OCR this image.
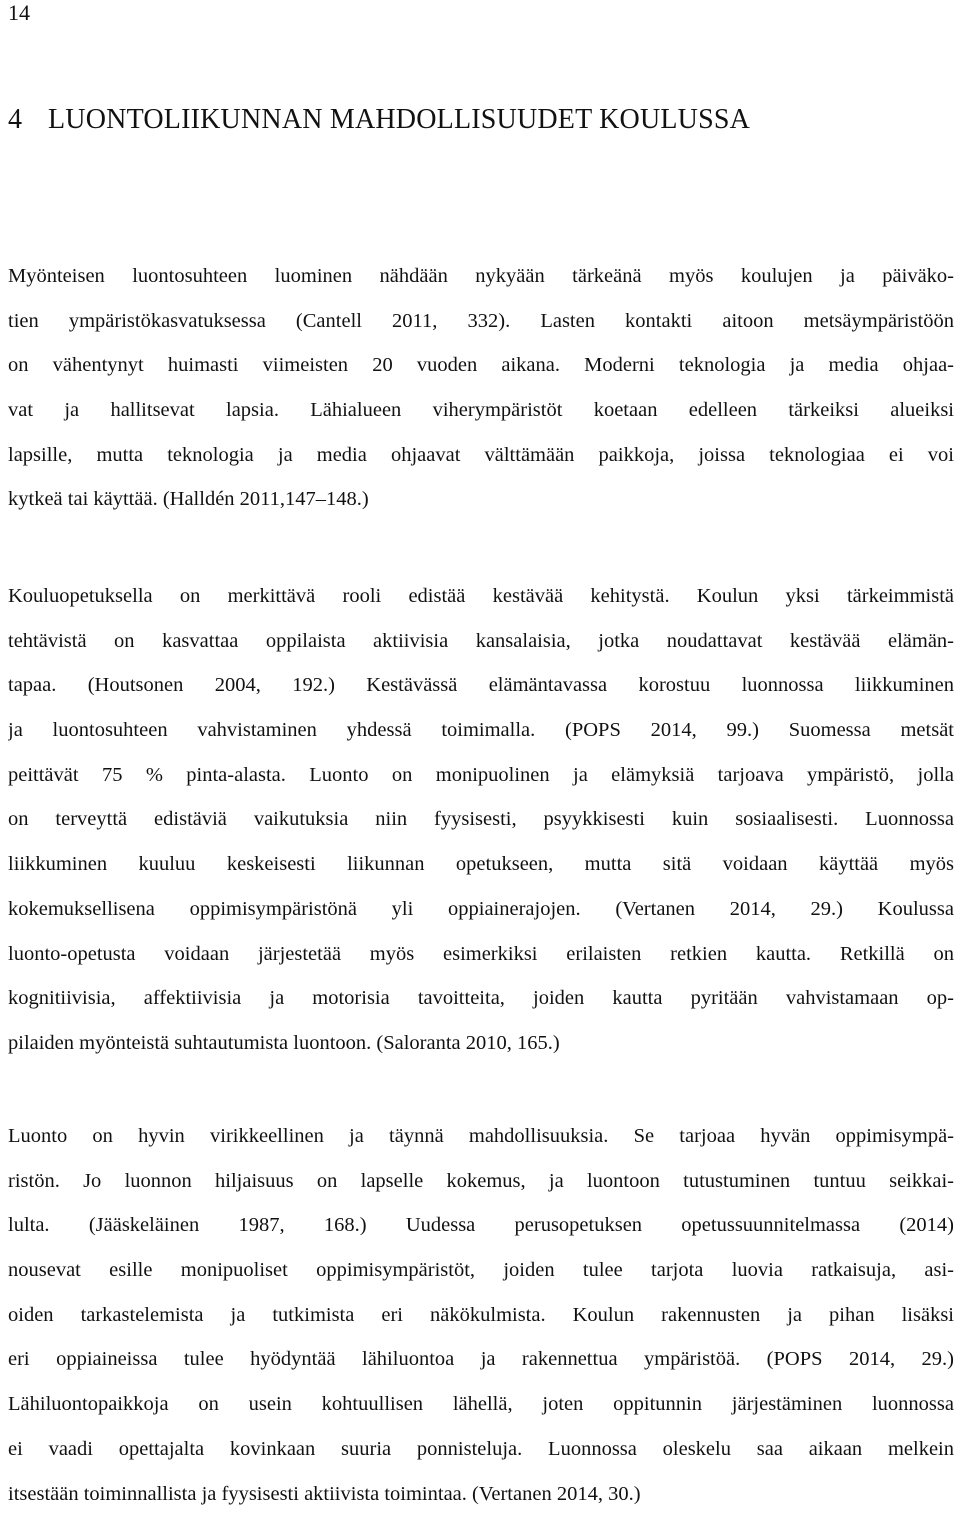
14
4 LUONTOLIIKUNNAN MAHDOLLISUUDET KOULUSSA
Myönteisen luontosuhteen luominen nähdään nykyään tärkeänä myös koulujen ja päiväko-
tien ympäristökasvatuksessa (Cantell 2011, 332). Lasten kontakti aitoon metsäympäristöön
on vähentynyt huimasti viimeisten 20 vuoden aikana. Moderni teknologia ja media ohjaa-
vat ja hallitsevat lapsia. Lähialueen viherympäristöt koetaan edelleen tärkeiksi alueiksi
lapsille, mutta teknologia ja media ohjaavat välttämään paikkoja, joissa teknologiaa ei voi
kytkeä tai käyttää. (Halldén 2011,147–148.)
Kouluopetuksella on merkittävä rooli edistää kestävää kehitystä. Koulun yksi tärkeimmistä
tehtävistä on kasvattaa oppilaista aktiivisia kansalaisia, jotka noudattavat kestävää elämän-
tapaa. (Houtsonen 2004, 192.) Kestävässä elämäntavassa korostuu luonnossa liikkuminen
ja luontosuhteen vahvistaminen yhdessä toimimalla. (POPS 2014, 99.) Suomessa metsät
peittävät 75 % pinta-alasta. Luonto on monipuolinen ja elämyksiä tarjoava ympäristö, jolla
on terveyttä edistäviä vaikutuksia niin fyysisesti, psyykkisesti kuin sosiaalisesti. Luonnossa
liikkuminen kuuluu keskeisesti liikunnan opetukseen, mutta sitä voidaan käyttää myös
kokemuksellisena oppimisympäristönä yli oppiainerajojen. (Vertanen 2014, 29.) Koulussa
luonto-opetusta voidaan järjestetää myös esimerkiksi erilaisten retkien kautta. Retkillä on
kognitiivisia, affektiivisia ja motorisia tavoitteita, joiden kautta pyritään vahvistamaan op-
pilaiden myönteistä suhtautumista luontoon. (Saloranta 2010, 165.)
Luonto on hyvin virikkeellinen ja täynnä mahdollisuuksia. Se tarjoaa hyvän oppimisympä-
ristön. Jo luonnon hiljaisuus on lapselle kokemus, ja luontoon tutustuminen tuntuu seikkai-
lulta. (Jääskeläinen 1987, 168.) Uudessa perusopetuksen opetussuunnitelmassa (2014)
nousevat esille monipuoliset oppimisympäristöt, joiden tulee tarjota luovia ratkaisuja, asi-
oiden tarkastelemista ja tutkimista eri näkökulmista. Koulun rakennusten ja pihan lisäksi
eri oppiaineissa tulee hyödyntää lähiluontoa ja rakennettua ympäristöä. (POPS 2014, 29.)
Lähiluontopaikkoja on usein kohtuullisen lähellä, joten oppitunnin järjestäminen luonnossa
ei vaadi opettajalta kovinkaan suuria ponnisteluja. Luonnossa oleskelu saa aikaan melkein
itsestään toiminnallista ja fyysisesti aktiivista toimintaa. (Vertanen 2014, 30.)
